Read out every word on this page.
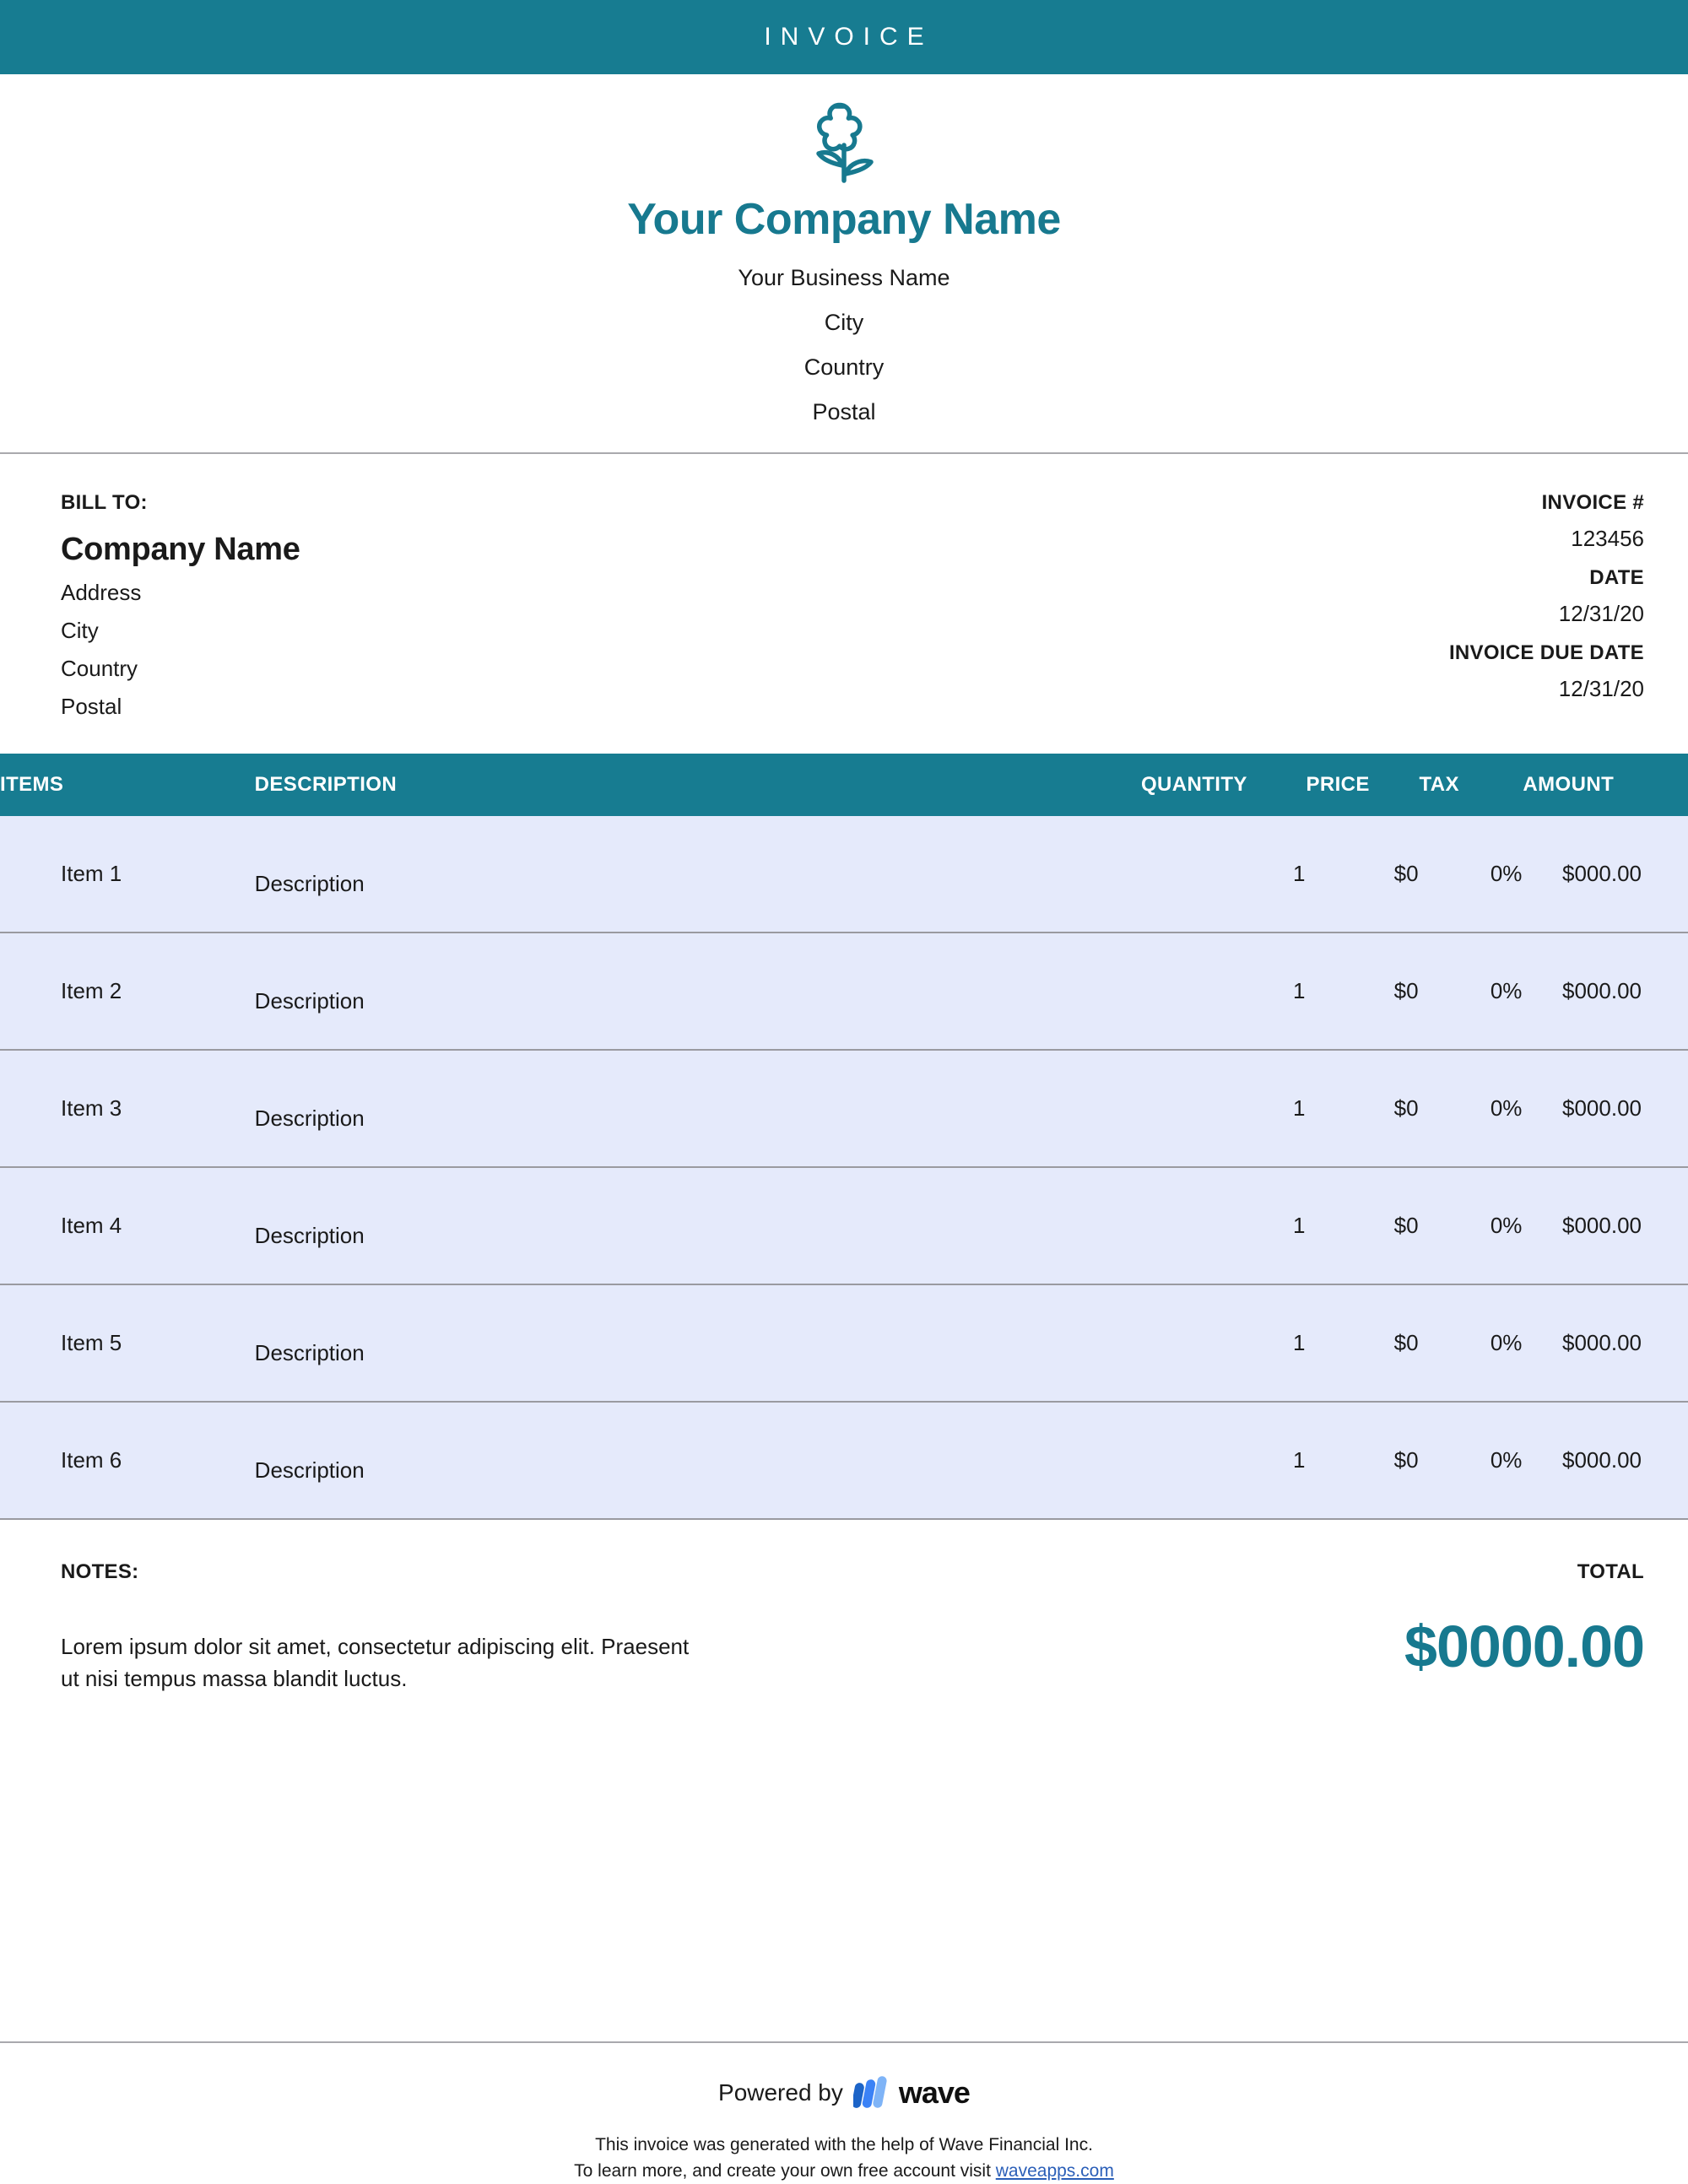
INVOICE
Your Company Name
Your Business Name
City
Country
Postal
BILL TO:
Company Name
Address
City
Country
Postal
INVOICE #
123456
DATE
12/31/20
INVOICE DUE DATE
12/31/20
ITEMS	DESCRIPTION	QUANTITY	PRICE	TAX	AMOUNT
Item 1	Description	1	$0	0%	$000.00
Item 2	Description	1	$0	0%	$000.00
Item 3	Description	1	$0	0%	$000.00
Item 4	Description	1	$0	0%	$000.00
Item 5	Description	1	$0	0%	$000.00
Item 6	Description	1	$0	0%	$000.00
NOTES:
Lorem ipsum dolor sit amet, consectetur adipiscing elit. Praesent ut nisi tempus massa blandit luctus.
TOTAL
$0000.00
Powered by wave
This invoice was generated with the help of Wave Financial Inc.
To learn more, and create your own free account visit waveapps.com
